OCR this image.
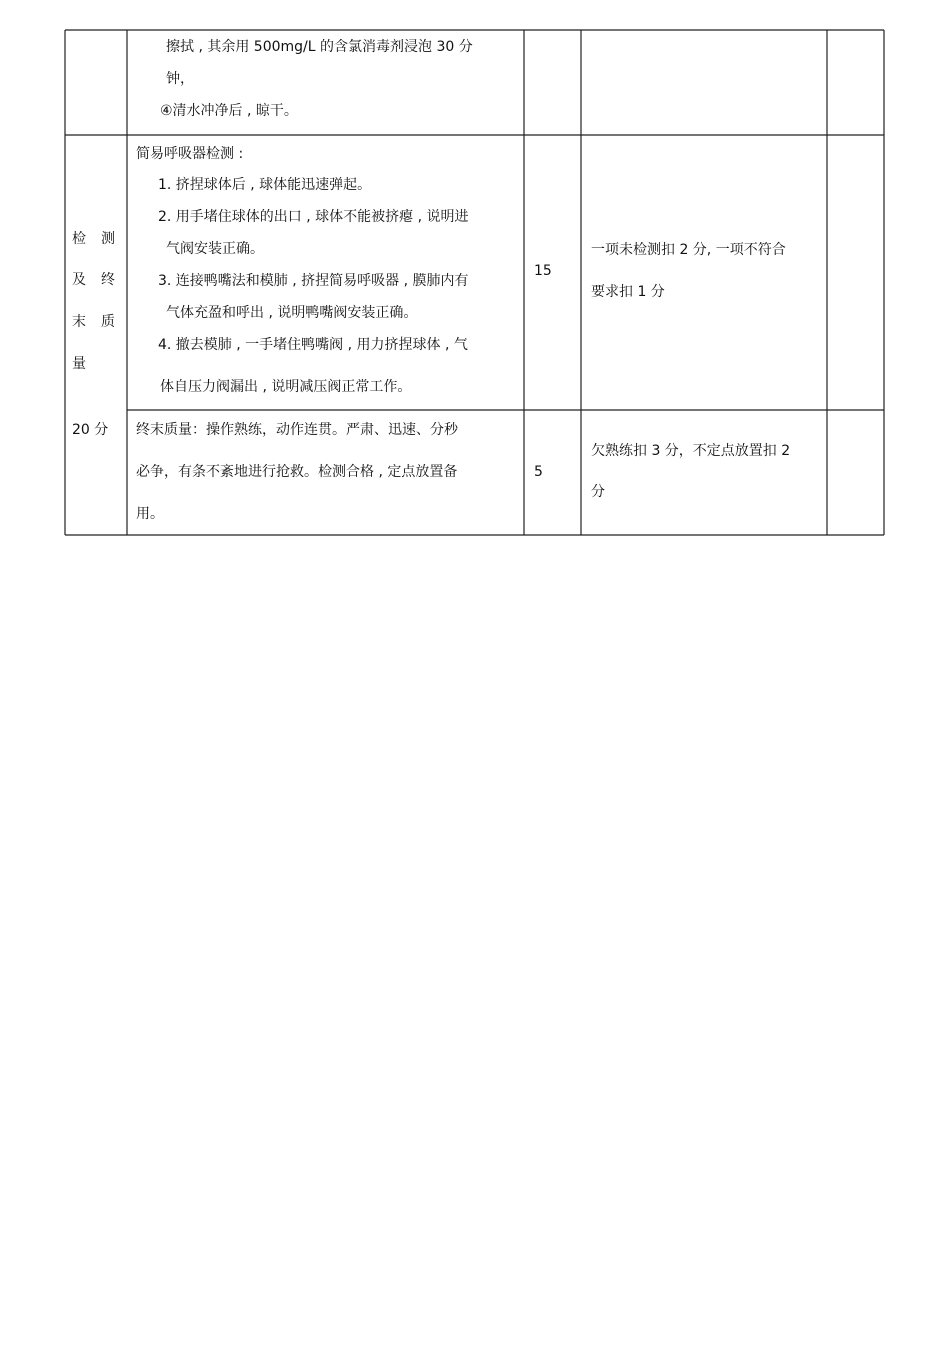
擦拭 , 其余用 500mg/L 的含氯消毒剂浸泡 30 分
钟，
④清水冲净后 , 晾干。
检 测
及 终
末 质
量
20 分
简易呼吸器检测 :
1. 挤捏球体后 , 球体能迅速弹起。
2. 用手堵住球体的出口 , 球体不能被挤瘪 , 说明进
气阀安装正确。
3. 连接鸭嘴法和模肺 , 挤捏简易呼吸器 , 膜肺内有
气体充盈和呼出 , 说明鸭嘴阀安装正确。
4. 撤去模肺 , 一手堵住鸭嘴阀 , 用力挤捏球体 , 气
体自压力阀漏出 , 说明减压阀正常工作。
15
一项未检测扣 2 分, 一项不符合
要求扣 1 分
终末质量：操作熟练，动作连贯。严肃、迅速、分秒
必争，有条不紊地进行抢救。检测合格 , 定点放置备
用。
5
欠熟练扣 3 分，不定点放置扣 2
分
